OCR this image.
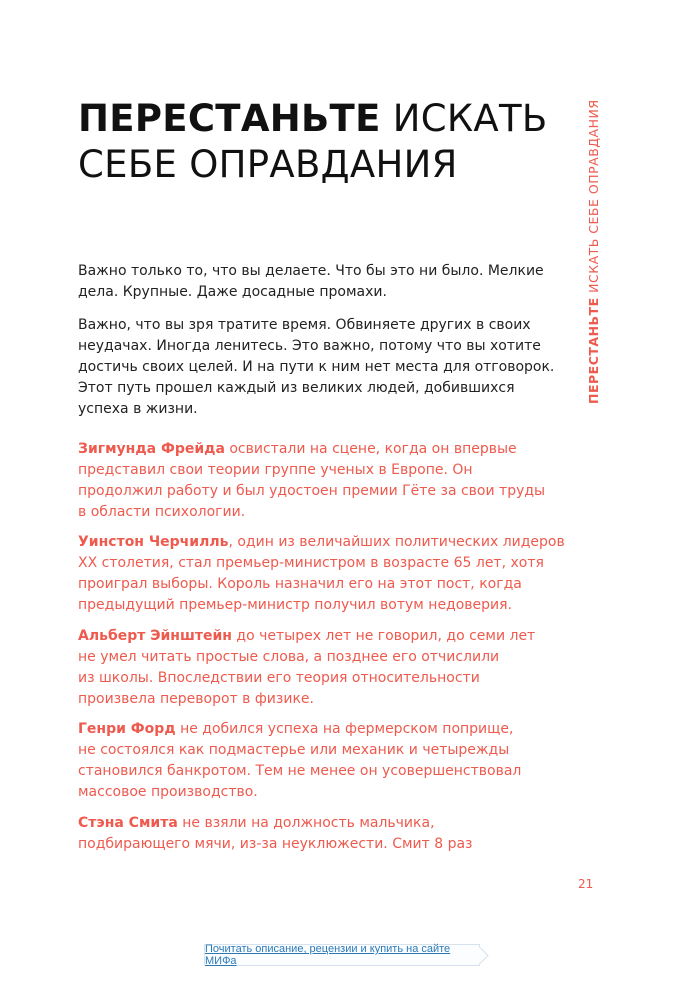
ПЕРЕСТАНЬТЕ ИСКАТЬ
СЕБЕ ОПРАВДАНИЯ
ПЕРЕСТАНЬТЕ ИСКАТЬ СЕБЕ ОПРАВДАНИЯ

Важно только то, что вы делаете. Что бы это ни было. Мелкие
дела. Крупные. Даже досадные промахи.

Важно, что вы зря тратите время. Обвиняете других в своих
неудачах. Иногда ленитесь. Это важно, потому что вы хотите
достичь своих целей. И на пути к ним нет места для отговорок.
Этот путь прошел каждый из великих людей, добившихся
успеха в жизни.

Зигмунда Фрейда освистали на сцене, когда он впервые
представил свои теории группе ученых в Европе. Он
продолжил работу и был удостоен премии Гёте за свои труды
в области психологии.

Уинстон Черчилль, один из величайших политических лидеров
XX столетия, стал премьер-министром в возрасте 65 лет, хотя
проиграл выборы. Король назначил его на этот пост, когда
предыдущий премьер-министр получил вотум недоверия.

Альберт Эйнштейн до четырех лет не говорил, до семи лет
не умел читать простые слова, а позднее его отчислили
из школы. Впоследствии его теория относительности
произвела переворот в физике.

Генри Форд не добился успеха на фермерском поприще,
не состоялся как подмастерье или механик и четырежды
становился банкротом. Тем не менее он усовершенствовал
массовое производство.

Стэна Смита не взяли на должность мальчика,
подбирающего мячи, из-за неуклюжести. Смит 8 раз

21
Почитать описание, рецензии и купить на сайте МИФа
